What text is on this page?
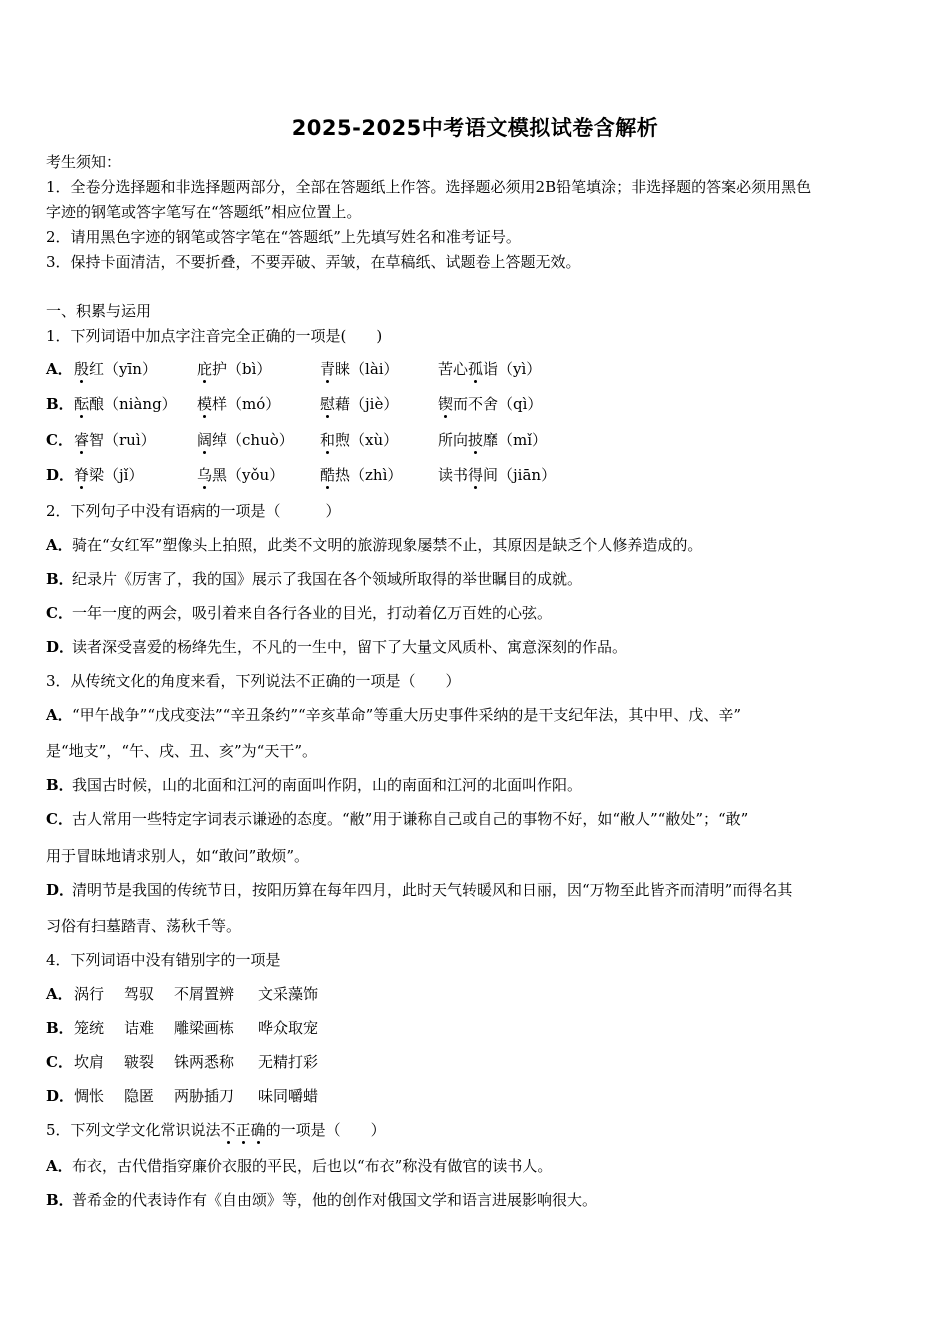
2025-2025中考语文模拟试卷含解析
考生须知：
1．全卷分选择题和非选择题两部分，全部在答题纸上作答。选择题必须用2B铅笔填涂；非选择题的答案必须用黑色
字迹的钢笔或答字笔写在“答题纸”相应位置上。
2．请用黑色字迹的钢笔或答字笔在“答题纸”上先填写姓名和准考证号。
3．保持卡面清洁，不要折叠，不要弄破、弄皱，在草稿纸、试题卷上答题无效。
一、积累与运用
1．下列词语中加点字注音完全正确的一项是(　　)
A． 殷红（yīn）	庇护（bì）	青睐（lài）	苦心孤诣（yì）
B． 酝酿（niàng） 模样（mó）	慰藉（jiè）	锲而不舍（qì）
C． 睿智（ruì）	阔绰（chuò） 和煦（xù）	所向披靡（mǐ）
D． 脊梁（jǐ）	乌黑（yǒu） 酷热（zhì） 读书得间（jiān）
2．下列句子中没有语病的一项是（　　　）
A．骑在“女红军”塑像头上拍照，此类不文明的旅游现象屡禁不止，其原因是缺乏个人修养造成的。
B．纪录片《厉害了，我的国》展示了我国在各个领域所取得的举世瞩目的成就。
C．一年一度的两会，吸引着来自各行各业的目光，打动着亿万百姓的心弦。
D．读者深受喜爱的杨绛先生，不凡的一生中，留下了大量文风质朴、寓意深刻的作品。
3．从传统文化的角度来看，下列说法不正确的一项是（　　）
A．“甲午战争”“戊戌变法”“辛丑条约”“辛亥革命”等重大历史事件采纳的是干支纪年法，其中甲、戊、辛”
是“地支”，“午、戌、丑、亥”为“天干”。
B．我国古时候，山的北面和江河的南面叫作阴，山的南面和江河的北面叫作阳。
C．古人常用一些特定字词表示谦逊的态度。“敝”用于谦称自己或自己的事物不好，如“敝人”“敝处”；“敢”
用于冒昧地请求别人，如“敢问”敢烦”。
D．清明节是我国的传统节日，按阳历算在每年四月，此时天气转暖风和日丽，因“万物至此皆齐而清明”而得名其
习俗有扫墓踏青、荡秋千等。
4．下列词语中没有错别字的一项是
A． 涡行 驾驭 不屑置辨 文采藻饰
B． 笼统 诘难 雕梁画栋 哗众取宠
C． 坎肩 皲裂 铢两悉称 无精打彩
D． 惆怅 隐匿 两胁插刀 味同嚼蜡
5．下列文学文化常识说法不正确的一项是（　　）
A．布衣，古代借指穿廉价衣服的平民，后也以“布衣”称没有做官的读书人。
B．普希金的代表诗作有《自由颂》等，他的创作对俄国文学和语言进展影响很大。
